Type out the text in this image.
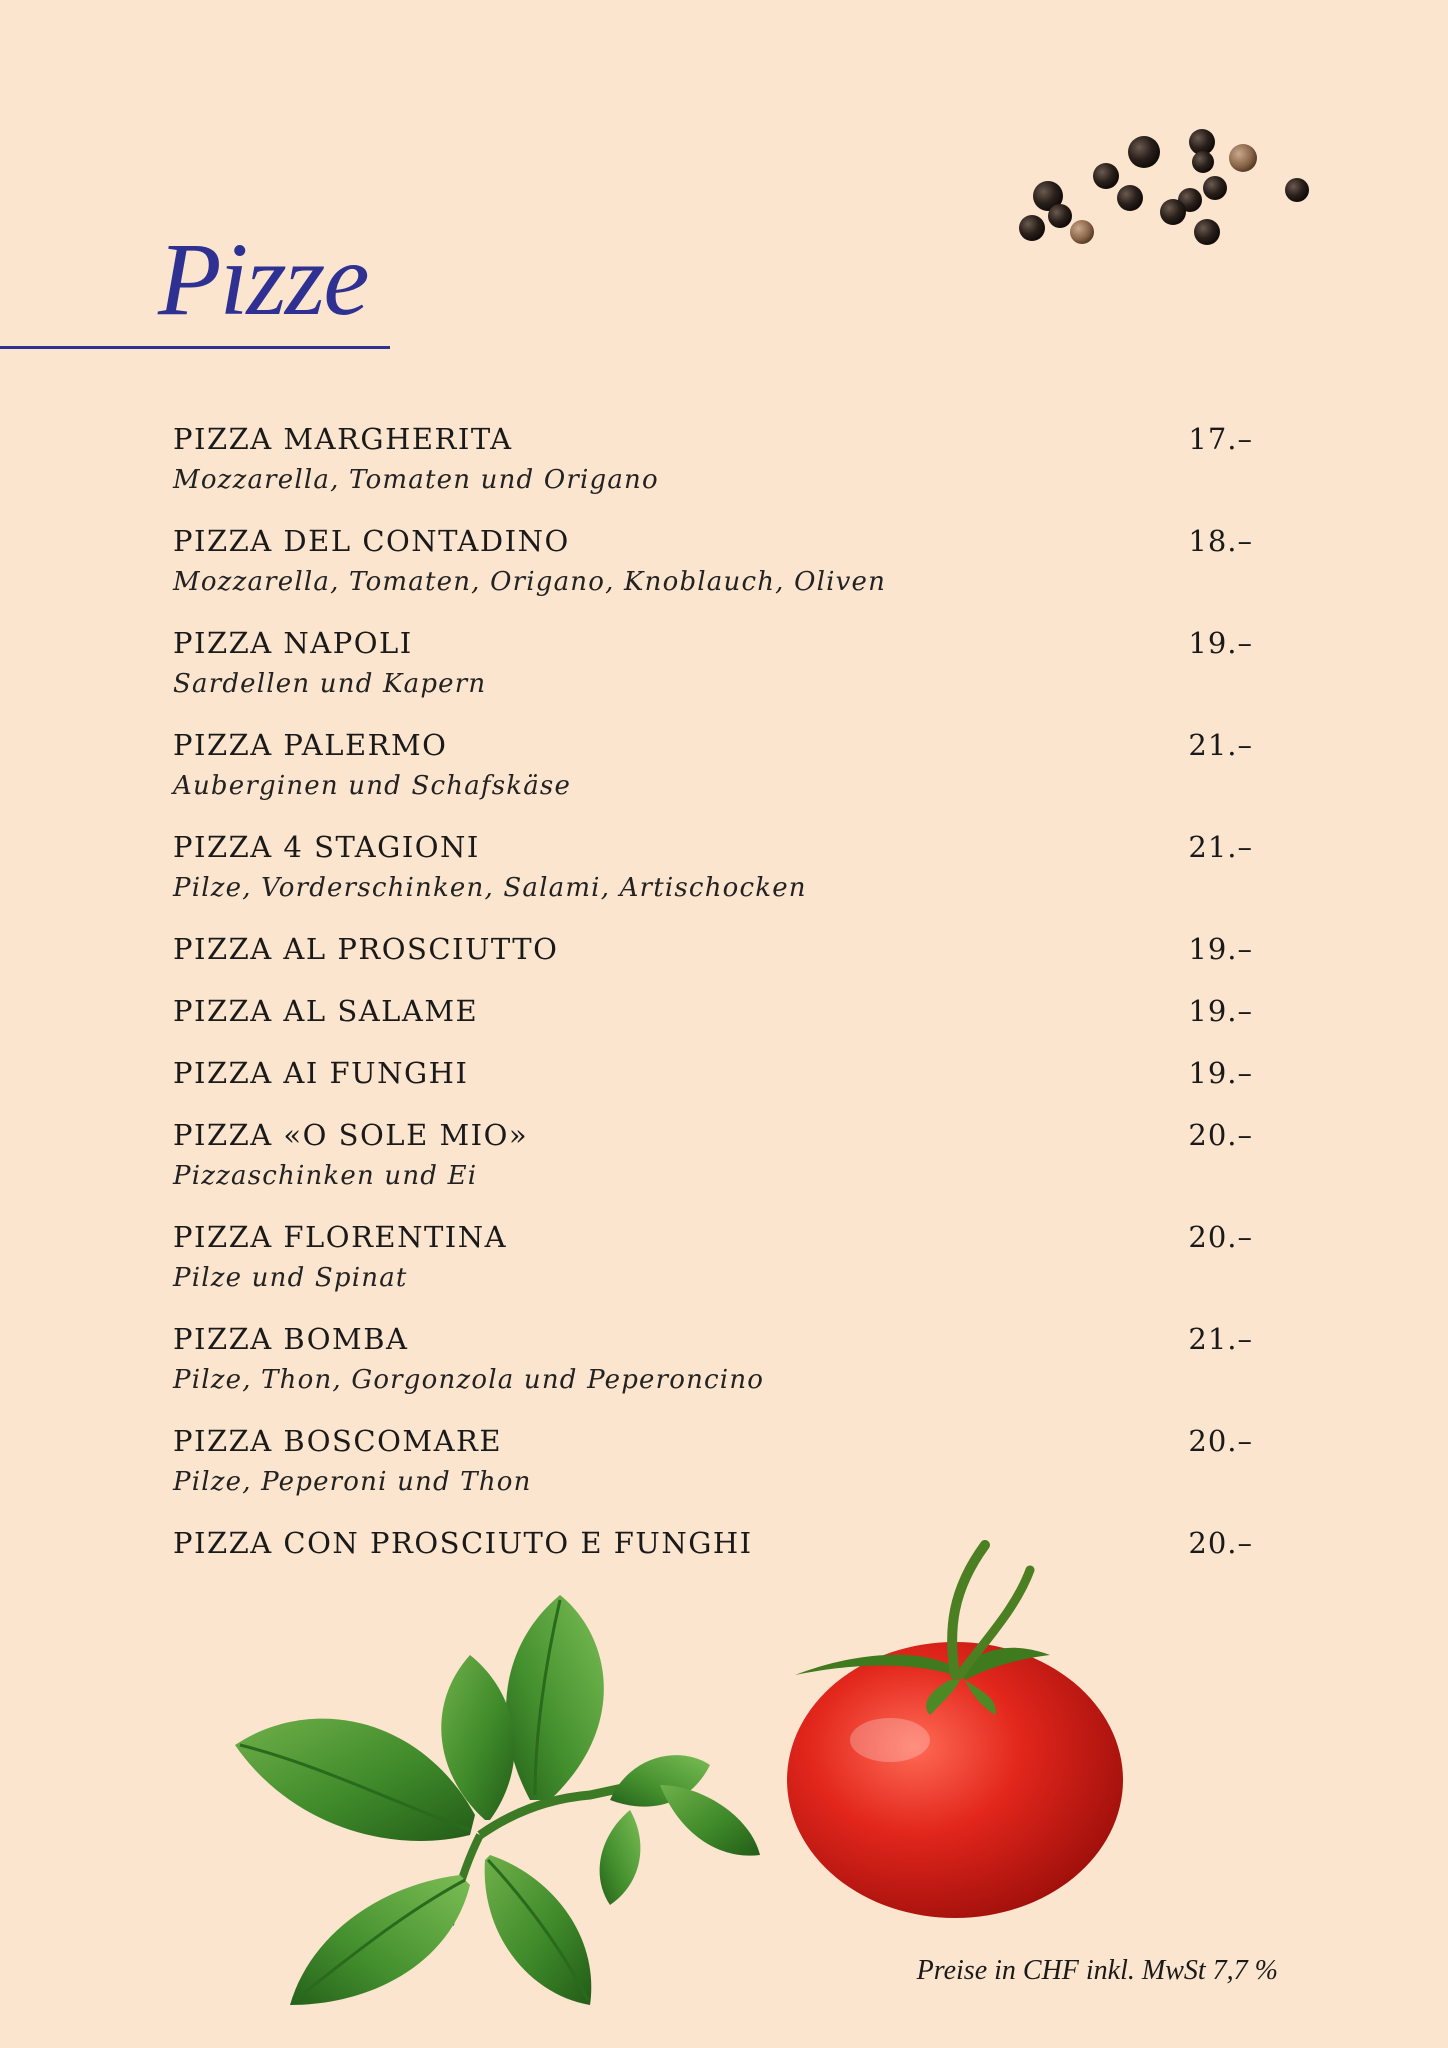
Pizze
PIZZA MARGHERITA	17.–
Mozzarella, Tomaten und Origano
PIZZA DEL CONTADINO	18.–
Mozzarella, Tomaten, Origano, Knoblauch, Oliven
PIZZA NAPOLI	19.–
Sardellen und Kapern
PIZZA PALERMO	21.–
Auberginen und Schafskäse
PIZZA 4 STAGIONI	21.–
Pilze, Vorderschinken, Salami, Artischocken
PIZZA AL PROSCIUTTO	19.–
PIZZA AL SALAME	19.–
PIZZA AI FUNGHI	19.–
PIZZA «O SOLE MIO»	20.–
Pizzaschinken und Ei
PIZZA FLORENTINA	20.–
Pilze und Spinat
PIZZA BOMBA	21.–
Pilze, Thon, Gorgonzola und Peperoncino
PIZZA BOSCOMARE	20.–
Pilze, Peperoni und Thon
PIZZA CON PROSCIUTO E FUNGHI	20.–
Preise in CHF inkl. MwSt 7,7 %
